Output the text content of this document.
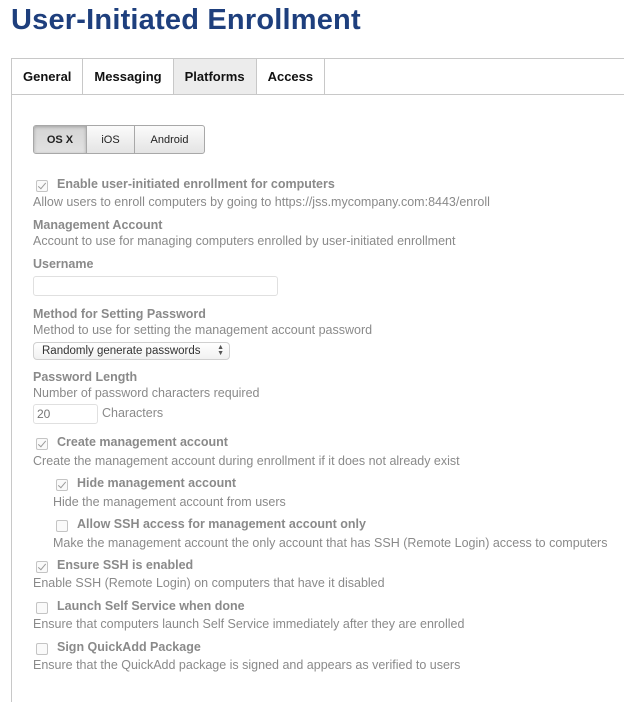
User-Initiated Enrollment
General	Messaging	Platforms	Access
OS X	iOS	Android
Enable user-initiated enrollment for computers
Allow users to enroll computers by going to https://jss.mycompany.com:8443/enroll
Management Account
Account to use for managing computers enrolled by user-initiated enrollment
Username
Method for Setting Password
Method to use for setting the management account password
Randomly generate passwords ▲
▼
Password Length
Number of password characters required
20
Characters
Create management account
Create the management account during enrollment if it does not already exist
Hide management account
Hide the management account from users
Allow SSH access for management account only
Make the management account the only account that has SSH (Remote Login) access to computers
Ensure SSH is enabled
Enable SSH (Remote Login) on computers that have it disabled
Launch Self Service when done
Ensure that computers launch Self Service immediately after they are enrolled
Sign QuickAdd Package
Ensure that the QuickAdd package is signed and appears as verified to users
